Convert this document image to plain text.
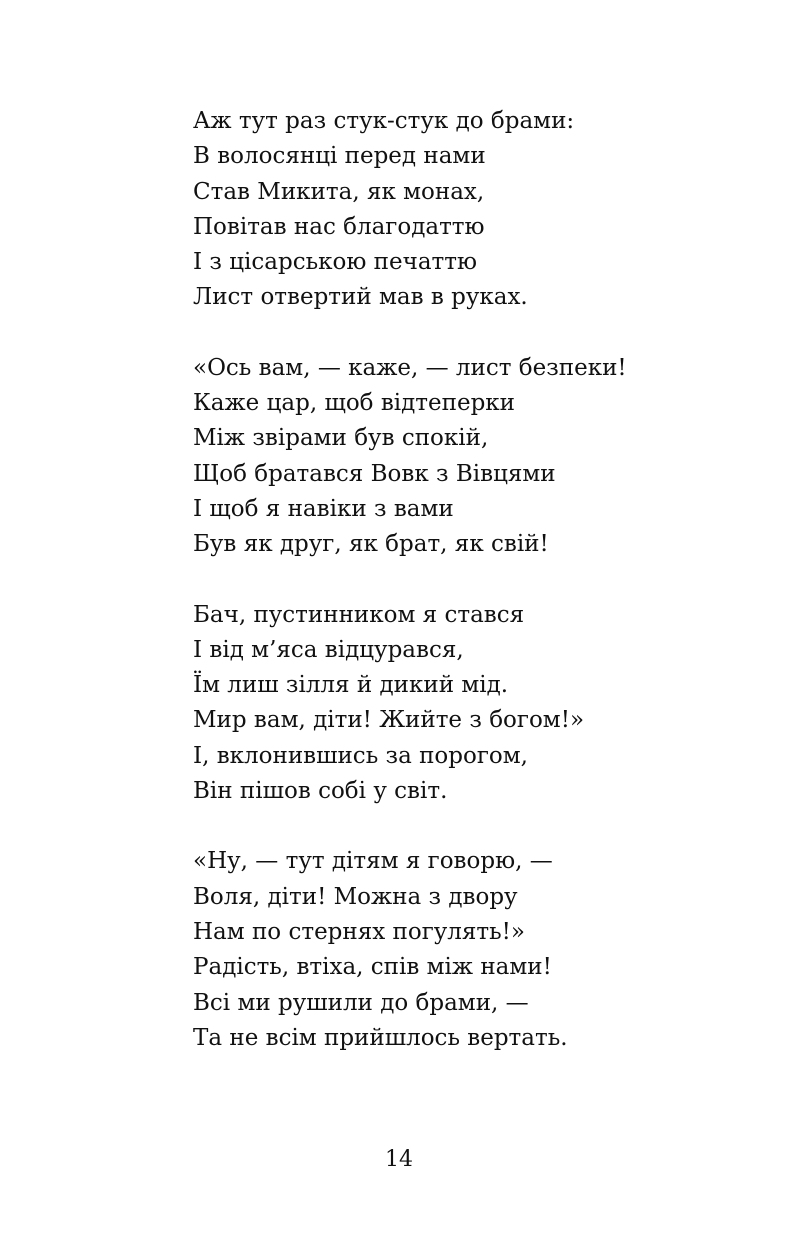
Аж тут раз стук-стук до брами:
В волосянці перед нами
Став Микита, як монах,
Повітав нас благодаттю
І з цісарською печаттю
Лист отвертий мав в руках.
«Ось вам, — каже, — лист безпеки!
Каже цар, щоб відтеперки
Між звірами був спокій,
Щоб братався Вовк з Вівцями
І щоб я навіки з вами
Був як друг, як брат, як свій!
Бач, пустинником я стався
І від м’яса відцурався,
Їм лиш зілля й дикий мід.
Мир вам, діти! Жийте з богом!»
І, вклонившись за порогом,
Він пішов собі у світ.
«Ну, — тут дітям я говорю, —
Воля, діти! Можна з двору
Нам по стернях погулять!»
Радість, втіха, спів між нами!
Всі ми рушили до брами, —
Та не всім прийшлось вертать.
14
